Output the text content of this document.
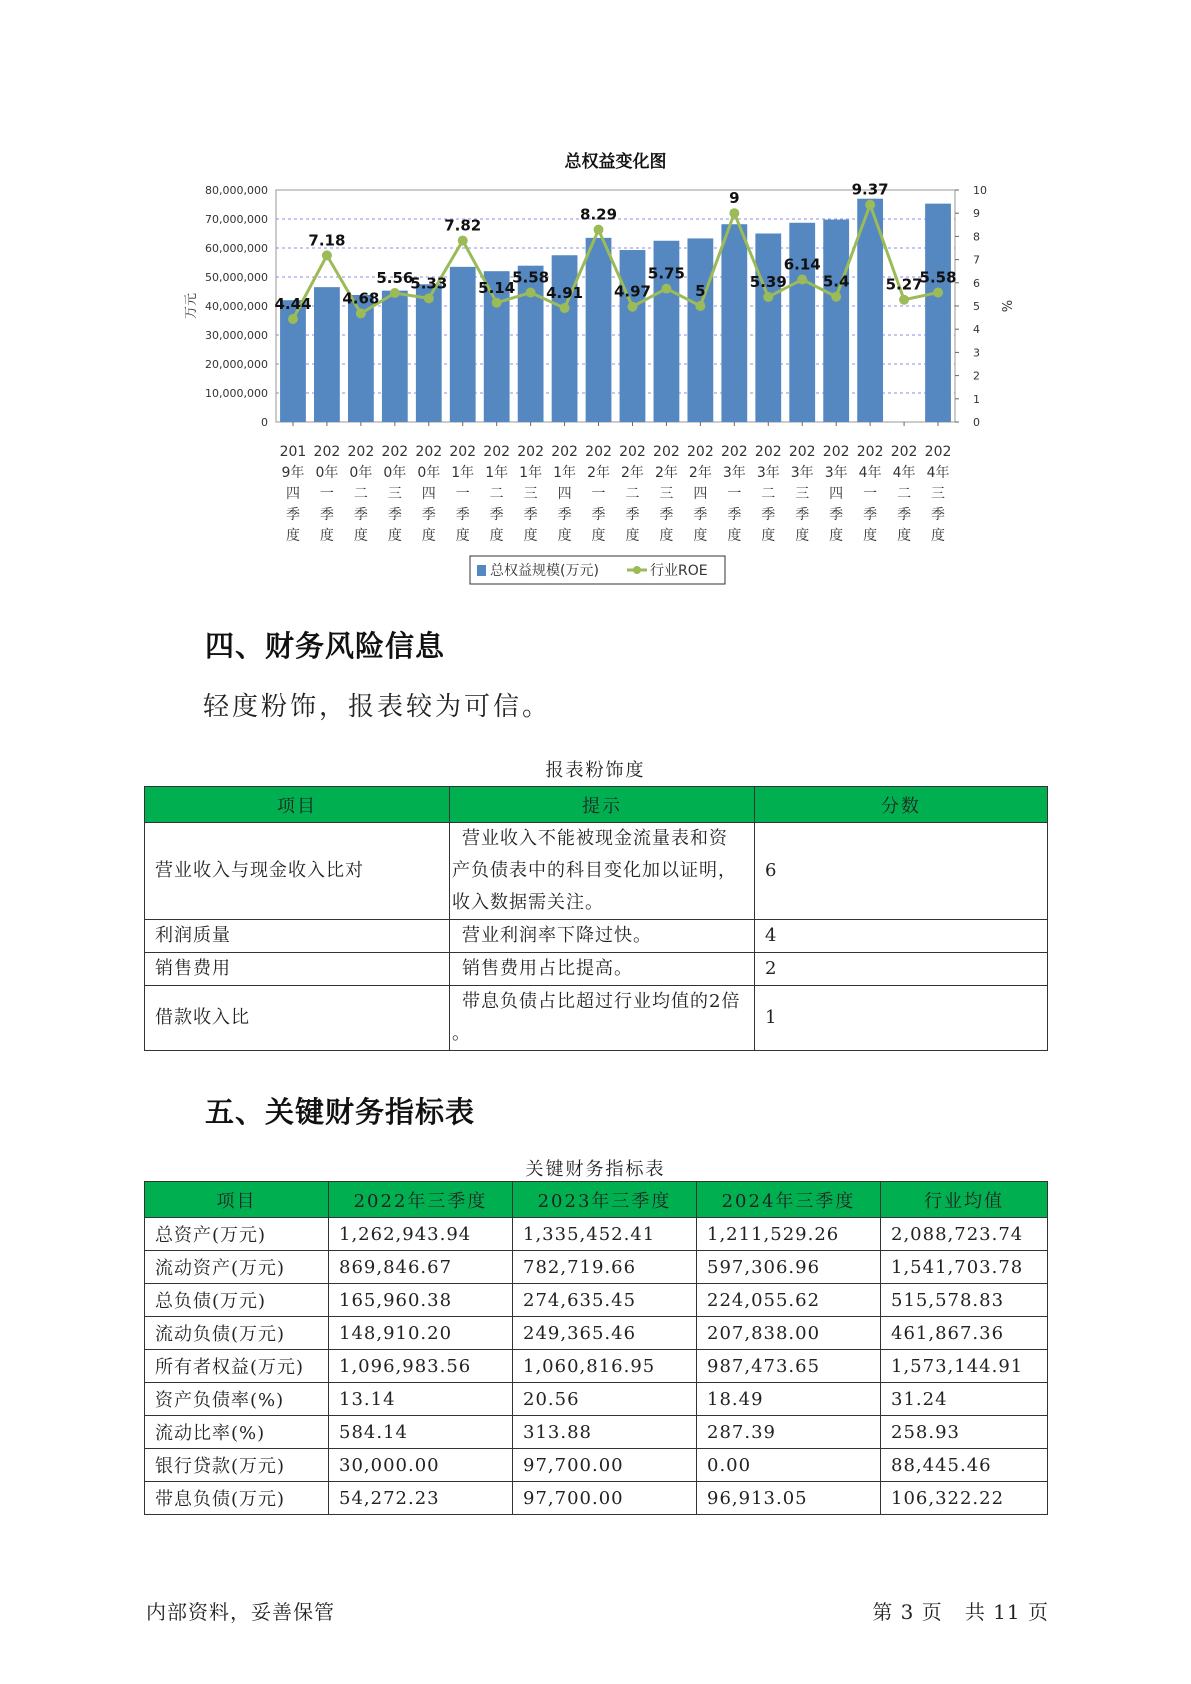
0
10,000,000
20,000,000
30,000,000
40,000,000
50,000,000
60,000,000
70,000,000
80,000,000
0
1
2
3
4
5
6
7
8
9
10
万元	%
总权益变化图
201
9年
四
季
度
202
0年
一
季
度
202
0年
二
季
度
202
0年
三
季
度
202
0年
四
季
度
202
1年
一
季
度
202
1年
二
季
度
202
1年
三
季
度
202
1年
四
季
度
202
2年
一
季
度
202
2年
二
季
度
202
2年
三
季
度
202
2年
四
季
度
202
3年
一
季
度
202
3年
二
季
度
202
3年
三
季
度
202
3年
四
季
度
202
4年
一
季
度
202
4年
二
季
度
202
4年
三
季
度
4.44
7.18
4.68
5.56
5.33
7.82
5.14
5.58
4.91
8.29
4.97
5.75
5
9
5.39
6.14
5.4
9.37
5.27
5.58
总权益规模(万元)	行业ROE
四、财务风险信息
轻度粉饰，报表较为可信。
报表粉饰度
项目	提示	分数
营业收入与现金收入比对	营业收入不能被现金流量表和资
产负债表中的科目变化加以证明，
收入数据需关注。	6
利润质量	营业利润率下降过快。	4
销售费用	销售费用占比提高。	2
借款收入比	带息负债占比超过行业均值的2倍
。	1
五、关键财务指标表
关键财务指标表
项目	2022年三季度	2023年三季度	2024年三季度	行业均值
总资产(万元)	1,262,943.94	1,335,452.41	1,211,529.26	2,088,723.74
流动资产(万元)	869,846.67	782,719.66	597,306.96	1,541,703.78
总负债(万元)	165,960.38	274,635.45	224,055.62	515,578.83
流动负债(万元)	148,910.20	249,365.46	207,838.00	461,867.36
所有者权益(万元)	1,096,983.56	1,060,816.95	987,473.65	1,573,144.91
资产负债率(%)	13.14	20.56	18.49	31.24
流动比率(%)	584.14	313.88	287.39	258.93
银行贷款(万元)	30,000.00	97,700.00	0.00	88,445.46
带息负债(万元)	54,272.23	97,700.00	96,913.05	106,322.22
内部资料，妥善保管	第 3 页   共 11 页
